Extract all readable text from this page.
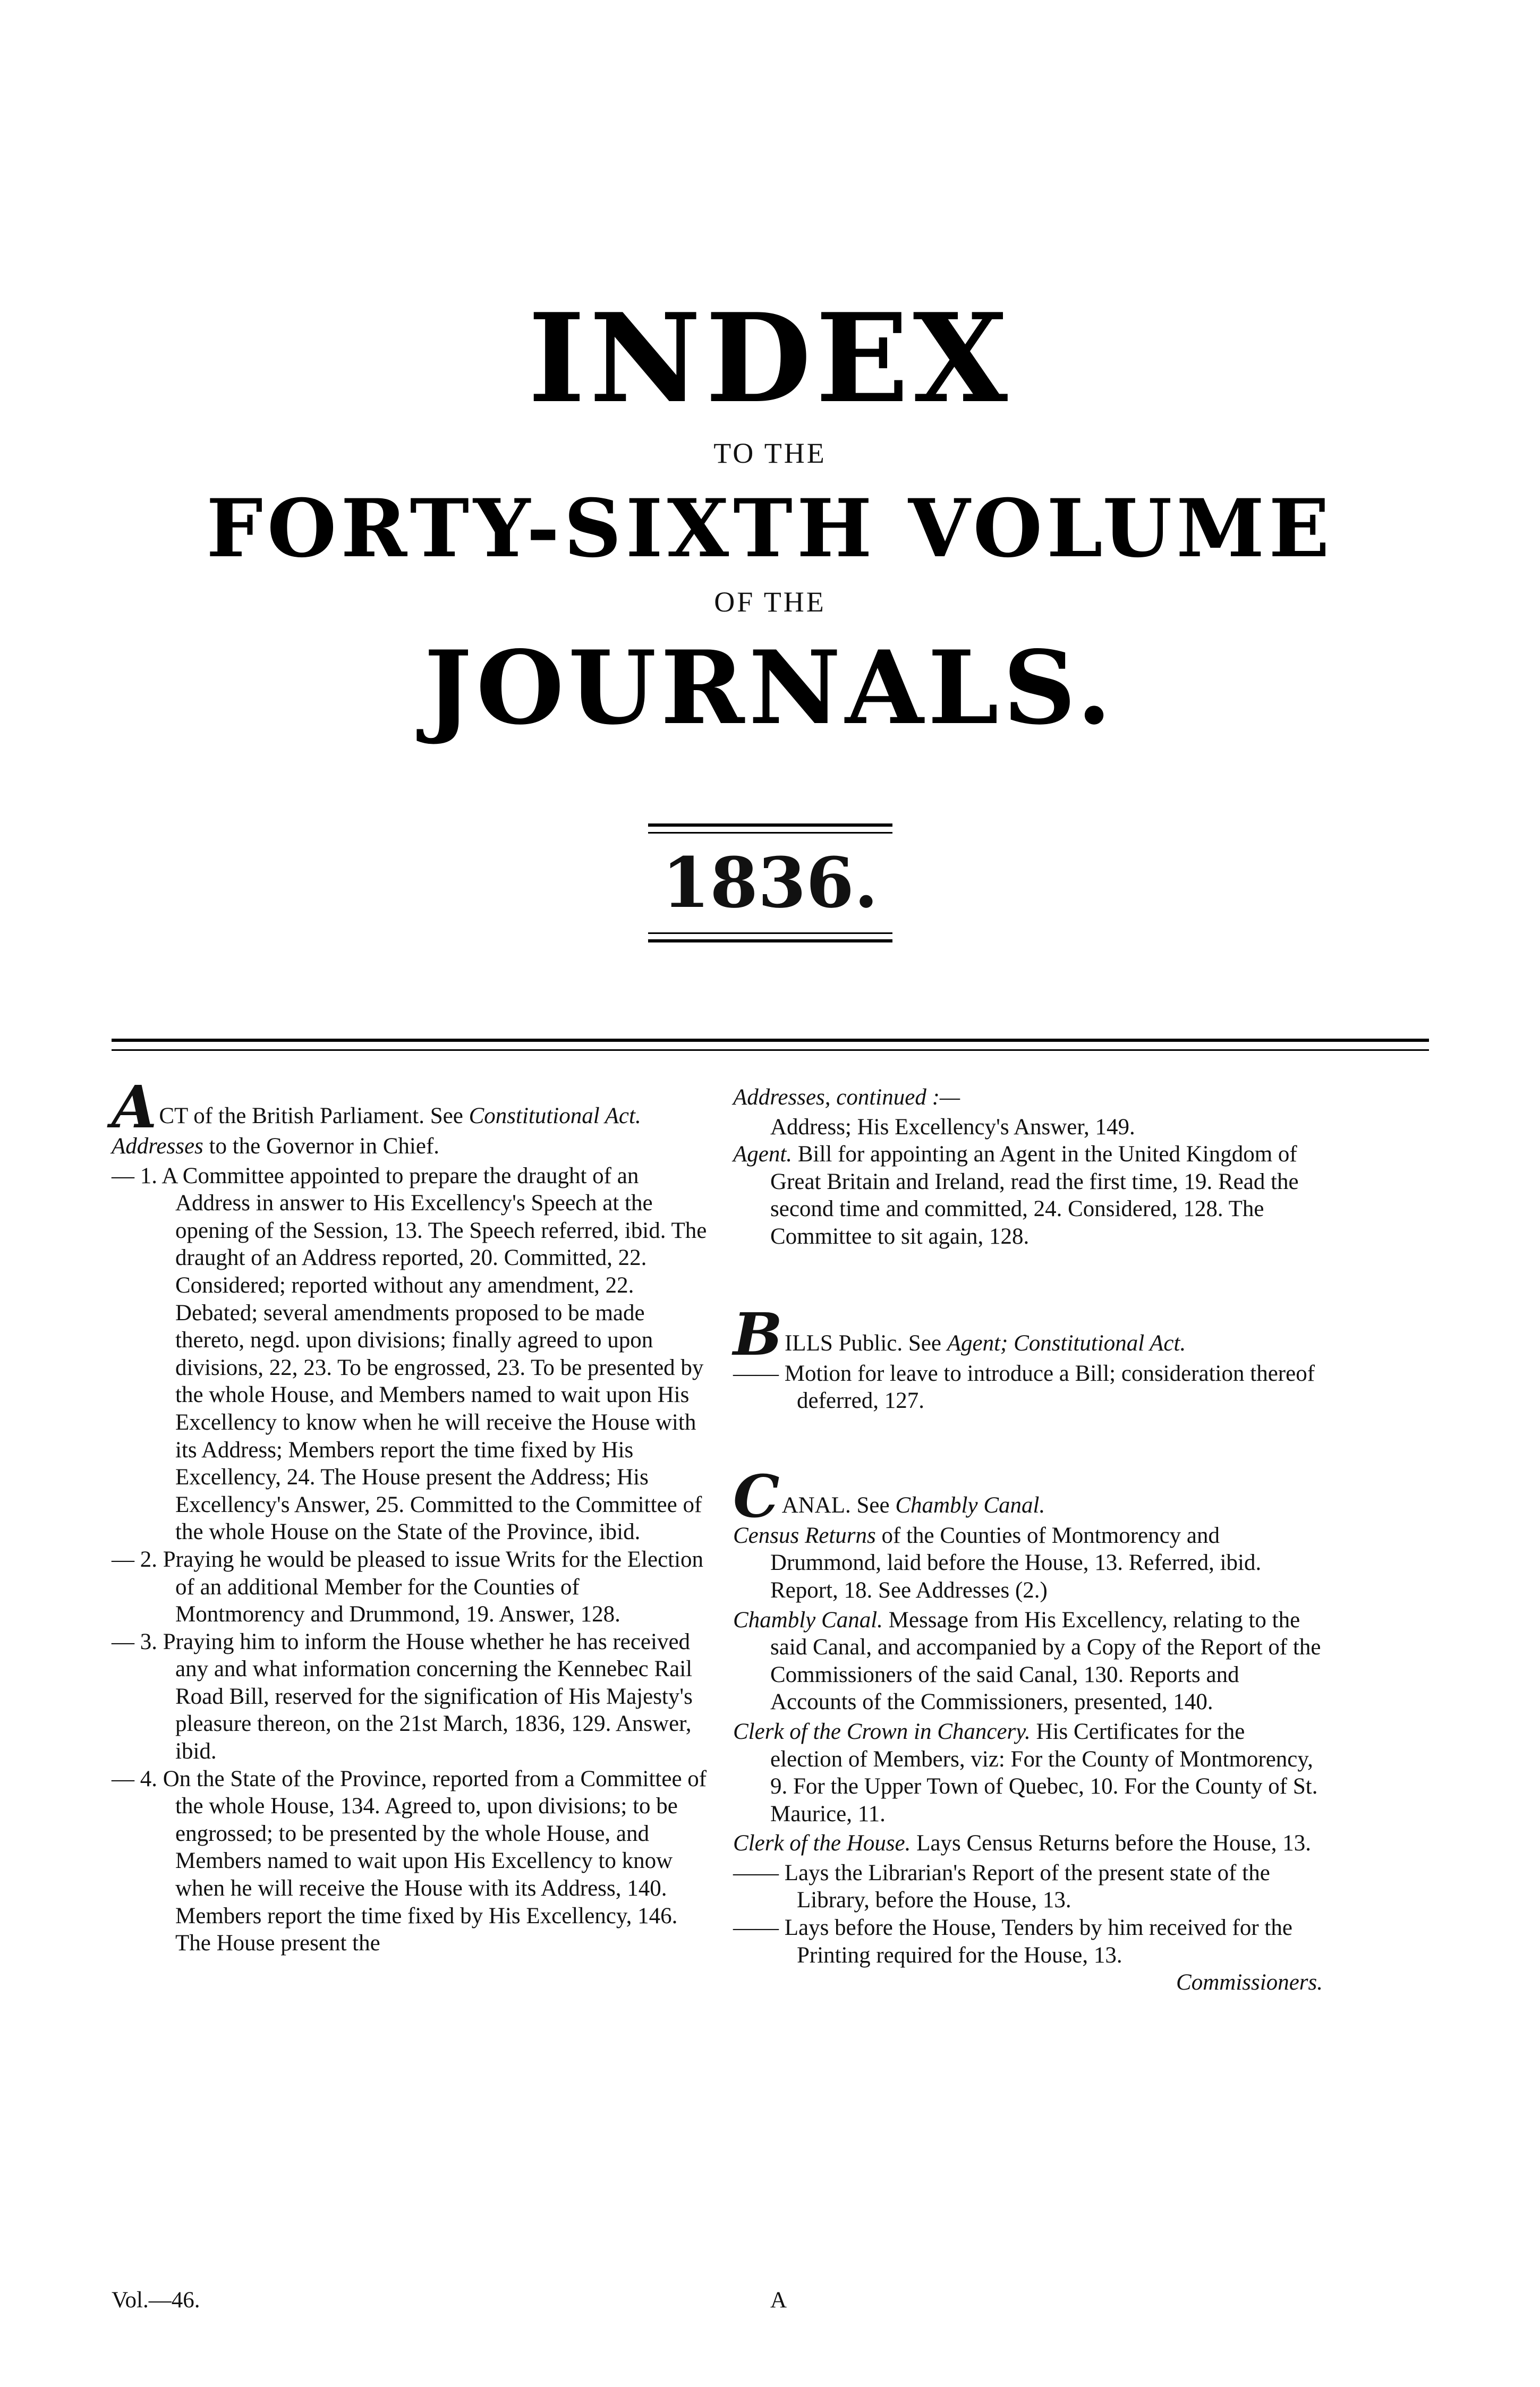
INDEX
TO THE
FORTY-SIXTH VOLUME
OF THE
JOURNALS.
1836.

ACT of the British Parliament. See Constitutional Act.

Addresses to the Governor in Chief.

— 1. A Committee appointed to prepare the draught of an Address in answer to His Excellency's Speech at the opening of the Session, 13. The Speech referred, ibid. The draught of an Address reported, 20. Committed, 22. Considered; reported without any amendment, 22. Debated; several amendments proposed to be made thereto, negd. upon divisions; finally agreed to upon divisions, 22, 23. To be engrossed, 23. To be presented by the whole House, and Members named to wait upon His Excellency to know when he will receive the House with its Address; Members report the time fixed by His Excellency, 24. The House present the Address; His Excellency's Answer, 25. Committed to the Committee of the whole House on the State of the Province, ibid.

— 2. Praying he would be pleased to issue Writs for the Election of an additional Member for the Counties of Montmorency and Drummond, 19. Answer, 128.

— 3. Praying him to inform the House whether he has received any and what information concerning the Kennebec Rail Road Bill, reserved for the signification of His Majesty's pleasure thereon, on the 21st March, 1836, 129. Answer, ibid.

— 4. On the State of the Province, reported from a Committee of the whole House, 134. Agreed to, upon divisions; to be engrossed; to be presented by the whole House, and Members named to wait upon His Excellency to know when he will receive the House with its Address, 140. Members report the time fixed by His Excellency, 146. The House present the

Addresses, continued :—

Address; His Excellency's Answer, 149.

Agent. Bill for appointing an Agent in the United Kingdom of Great Britain and Ireland, read the first time, 19. Read the second time and committed, 24. Considered, 128. The Committee to sit again, 128.

BILLS Public. See Agent; Constitutional Act.

—— Motion for leave to introduce a Bill; consideration thereof deferred, 127.

CANAL. See Chambly Canal.

Census Returns of the Counties of Montmorency and Drummond, laid before the House, 13. Referred, ibid. Report, 18. See Addresses (2.)

Chambly Canal. Message from His Excellency, relating to the said Canal, and accompanied by a Copy of the Report of the Commissioners of the said Canal, 130. Reports and Accounts of the Commissioners, presented, 140.

Clerk of the Crown in Chancery. His Certificates for the election of Members, viz: For the County of Montmorency, 9. For the Upper Town of Quebec, 10. For the County of St. Maurice, 11.

Clerk of the House. Lays Census Returns before the House, 13.

—— Lays the Librarian's Report of the present state of the Library, before the House, 13.

—— Lays before the House, Tenders by him received for the Printing required for the House, 13.

Commissioners.

Vol.—46.	A
